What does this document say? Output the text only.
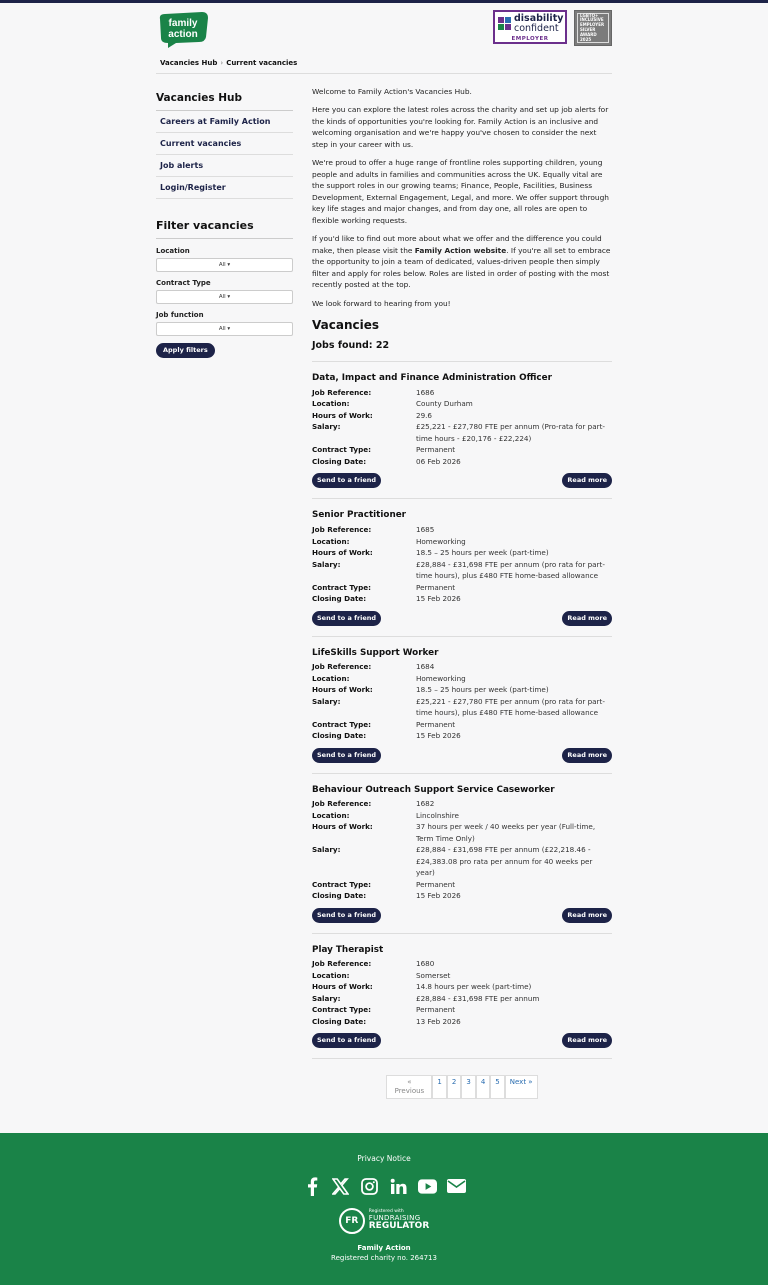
family
action
disability
confident
EMPLOYER
LGBTQ+
INCLUSIVE
EMPLOYER
SILVER
AWARD 2025
Vacancies Hub › Current vacancies
Vacancies Hub
Careers at Family Action
Current vacancies
Job alerts
Login/Register
Filter vacancies
Location
All ▾
Contract Type
All ▾
Job function
All ▾
Apply filters

Welcome to Family Action's Vacancies Hub.

Here you can explore the latest roles across the charity and set up job alerts for the kinds of opportunities you're looking for. Family Action is an inclusive and welcoming organisation and we're happy you've chosen to consider the next step in your career with us.

We're proud to offer a huge range of frontline roles supporting children, young people and adults in families and communities across the UK. Equally vital are the support roles in our growing teams; Finance, People, Facilities, Business Development, External Engagement, Legal, and more. We offer support through key life stages and major changes, and from day one, all roles are open to flexible working requests.

If you'd like to find out more about what we offer and the difference you could make, then please visit the Family Action website. If you're all set to embrace the opportunity to join a team of dedicated, values-driven people then simply filter and apply for roles below. Roles are listed in order of posting with the most recently posted at the top.

We look forward to hearing from you!

Vacancies
Jobs found: 22
Data, Impact and Finance Administration Officer
Job Reference:	1686
Location:	County Durham
Hours of Work:	29.6
Salary:	£25,221 - £27,780 FTE per annum (Pro-rata for part-time hours - £20,176 - £22,224)
Contract Type:	Permanent
Closing Date:	06 Feb 2026
Send to a friend	Read more
Senior Practitioner
Job Reference:	1685
Location:	Homeworking
Hours of Work:	18.5 – 25 hours per week (part-time)
Salary:	£28,884 - £31,698 FTE per annum (pro rata for part-time hours), plus £480 FTE home-based allowance
Contract Type:	Permanent
Closing Date:	15 Feb 2026
Send to a friend	Read more
LifeSkills Support Worker
Job Reference:	1684
Location:	Homeworking
Hours of Work:	18.5 – 25 hours per week (part-time)
Salary:	£25,221 - £27,780 FTE per annum (pro rata for part-time hours), plus £480 FTE home-based allowance
Contract Type:	Permanent
Closing Date:	15 Feb 2026
Send to a friend	Read more
Behaviour Outreach Support Service Caseworker
Job Reference:	1682
Location:	Lincolnshire
Hours of Work:	37 hours per week / 40 weeks per year (Full-time, Term Time Only)
Salary:	£28,884 - £31,698 FTE per annum (£22,218.46 - £24,383.08 pro rata per annum for 40 weeks per year)
Contract Type:	Permanent
Closing Date:	15 Feb 2026
Send to a friend	Read more
Play Therapist
Job Reference:	1680
Location:	Somerset
Hours of Work:	14.8 hours per week (part-time)
Salary:	£28,884 - £31,698 FTE per annum
Contract Type:	Permanent
Closing Date:	13 Feb 2026
Send to a friend	Read more
« Previous
1	2	3	4	5	Next »
Privacy Notice
FR
Registered with
FUNDRAISING
REGULATOR
Family Action
Registered charity no. 264713
